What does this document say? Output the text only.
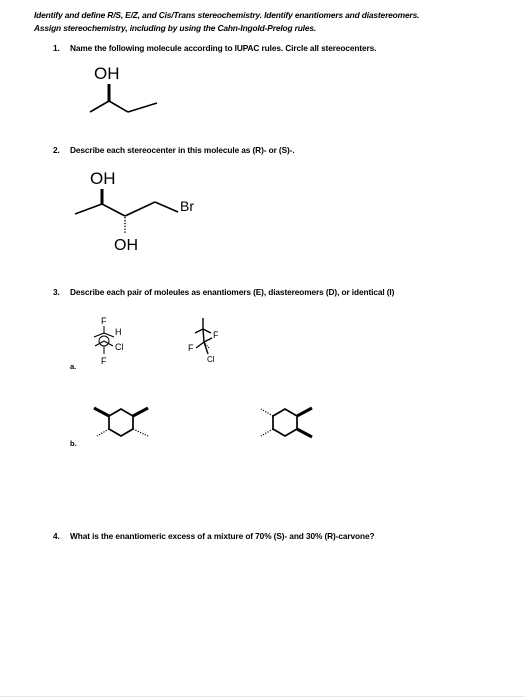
Identify and define R/S, E/Z, and Cis/Trans stereochemistry. Identify enantiomers and diastereomers.
Assign stereochemistry, including by using the Cahn-Ingold-Prelog rules.
1. Name the following molecule according to IUPAC rules. Circle all stereocenters.
OH
2. Describe each stereocenter in this molecule as (R)- or (S)-.
OH
Br
OH
3. Describe each pair of moleules as enantiomers (E), diastereomers (D), or identical (I)
a.
F
H
Cl
F
F
F
Cl
b.
4. What is the enantiomeric excess of a mixture of 70% (S)- and 30% (R)-carvone?
